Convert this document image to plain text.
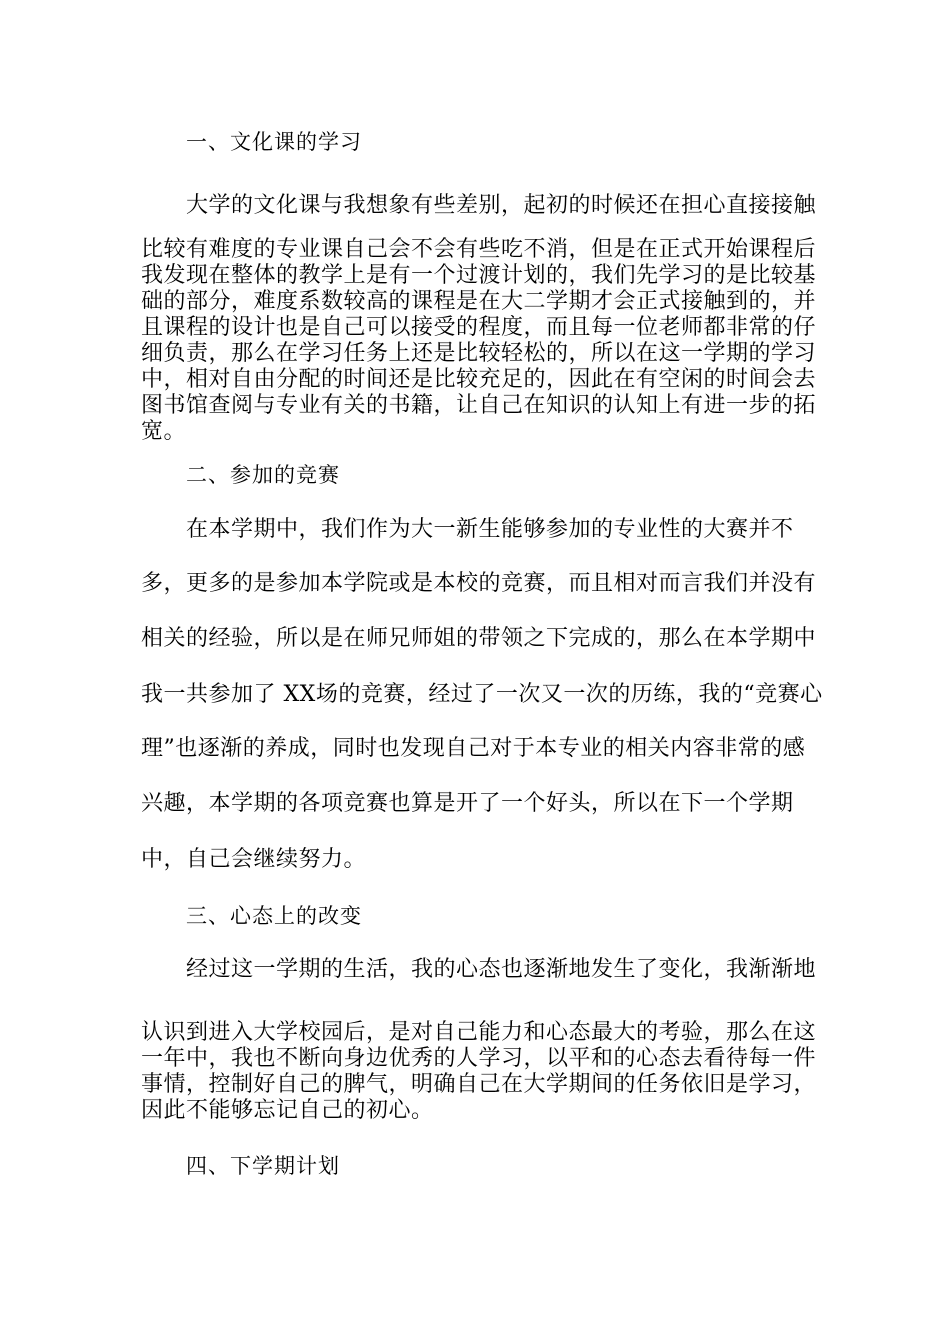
一、文化课的学习
大学的文化课与我想象有些差别，起初的时候还在担心直接接触
比较有难度的专业课自己会不会有些吃不消，但是在正式开始课程后
我发现在整体的教学上是有一个过渡计划的，我们先学习的是比较基
础的部分，难度系数较高的课程是在大二学期才会正式接触到的，并
且课程的设计也是自己可以接受的程度，而且每一位老师都非常的仔
细负责，那么在学习任务上还是比较轻松的，所以在这一学期的学习
中，相对自由分配的时间还是比较充足的，因此在有空闲的时间会去
图书馆查阅与专业有关的书籍，让自己在知识的认知上有进一步的拓
宽。
二、参加的竞赛
在本学期中，我们作为大一新生能够参加的专业性的大赛并不
多，更多的是参加本学院或是本校的竞赛，而且相对而言我们并没有
相关的经验，所以是在师兄师姐的带领之下完成的，那么在本学期中
我一共参加了 XX场的竞赛，经过了一次又一次的历练，我的“竞赛心
理”也逐渐的养成，同时也发现自己对于本专业的相关内容非常的感
兴趣，本学期的各项竞赛也算是开了一个好头，所以在下一个学期
中，自己会继续努力。
三、心态上的改变
经过这一学期的生活，我的心态也逐渐地发生了变化，我渐渐地
认识到进入大学校园后，是对自己能力和心态最大的考验，那么在这
一年中，我也不断向身边优秀的人学习，以平和的心态去看待每一件
事情，控制好自己的脾气，明确自己在大学期间的任务依旧是学习，
因此不能够忘记自己的初心。
四、下学期计划
